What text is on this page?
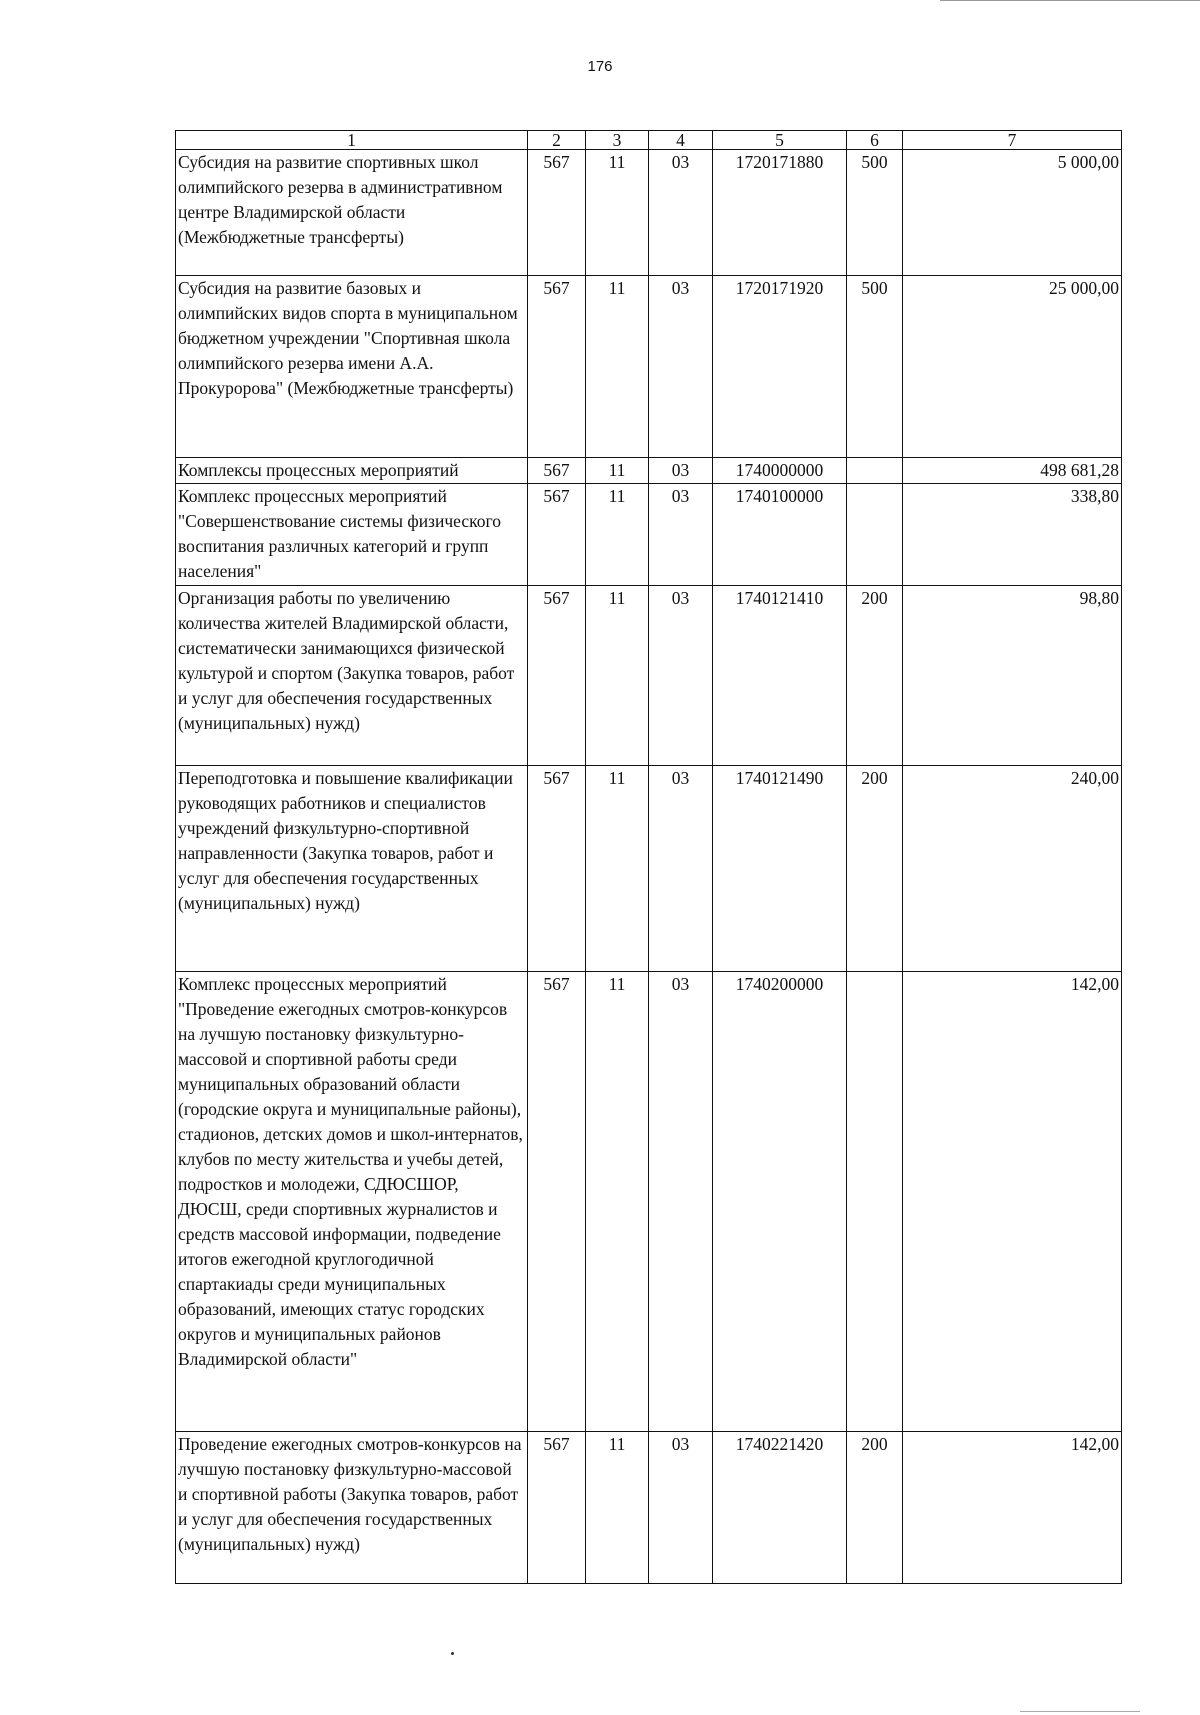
176
1	2	3	4	5	6	7
Субсидия на развитие спортивных школ олимпийского резерва в административном центре Владимирской области (Межбюджетные трансферты)	567	11	03	1720171880	500	5 000,00
Субсидия на развитие базовых и олимпийских видов спорта в муниципальном бюджетном учреждении "Спортивная школа олимпийского резерва имени А.А. Прокуророва" (Межбюджетные трансферты)	567	11	03	1720171920	500	25 000,00
Комплексы процессных мероприятий	567	11	03	1740000000		498 681,28
Комплекс процессных мероприятий "Совершенствование системы физического воспитания различных категорий и групп населения"	567	11	03	1740100000		338,80
Организация работы по увеличению количества жителей Владимирской области, систематически занимающихся физической культурой и спортом (Закупка товаров, работ и услуг для обеспечения государственных (муниципальных) нужд)	567	11	03	1740121410	200	98,80
Переподготовка и повышение квалификации руководящих работников и специалистов учреждений физкультурно-спортивной направленности (Закупка товаров, работ и услуг для обеспечения государственных (муниципальных) нужд)	567	11	03	1740121490	200	240,00
Комплекс процессных мероприятий "Проведение ежегодных смотров-конкурсов на лучшую постановку физкультурно-массовой и спортивной работы среди муниципальных образований области (городские округа и муниципальные районы), стадионов, детских домов и школ-интернатов, клубов по месту жительства и учебы детей, подростков и молодежи, СДЮСШОР, ДЮСШ, среди спортивных журналистов и средств массовой информации, подведение итогов ежегодной круглогодичной спартакиады среди муниципальных образований, имеющих статус городских округов и муниципальных районов Владимирской области"	567	11	03	1740200000		142,00
Проведение ежегодных смотров-конкурсов на лучшую постановку физкультурно-массовой и спортивной работы (Закупка товаров, работ и услуг для обеспечения государственных (муниципальных) нужд)	567	11	03	1740221420	200	142,00
